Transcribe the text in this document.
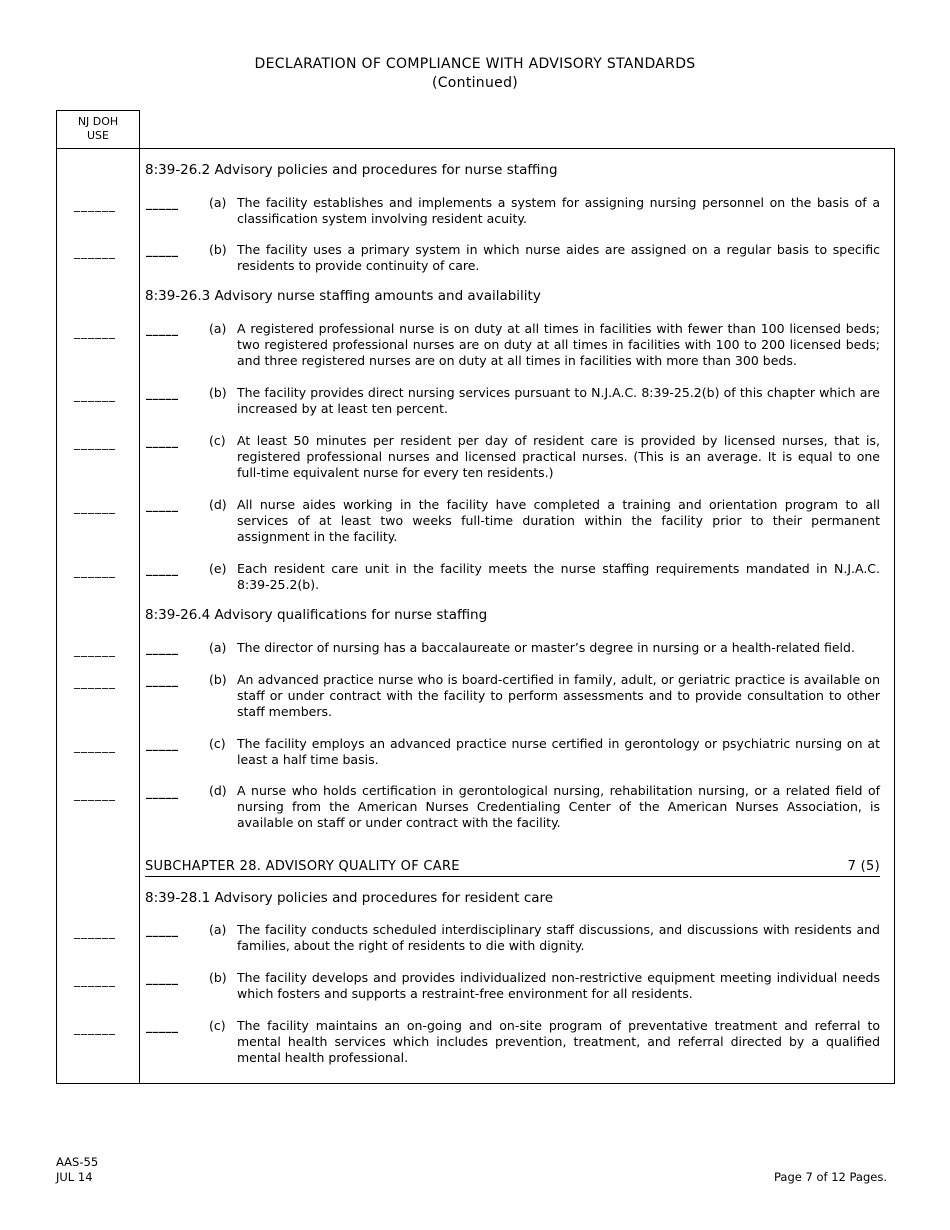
DECLARATION OF COMPLIANCE WITH ADVISORY STANDARDS
(Continued)
NJ DOH
USE
8:39-26.2 Advisory policies and procedures for nurse staffing
______	_____ (a) The facility establishes and implements a system for assigning nursing personnel on the basis of a classification system involving resident acuity.
______	_____ (b) The facility uses a primary system in which nurse aides are assigned on a regular basis to specific residents to provide continuity of care.
8:39-26.3 Advisory nurse staffing amounts and availability
______	_____ (a) A registered professional nurse is on duty at all times in facilities with fewer than 100 licensed beds; two registered professional nurses are on duty at all times in facilities with 100 to 200 licensed beds; and three registered nurses are on duty at all times in facilities with more than 300 beds.
______	_____ (b) The facility provides direct nursing services pursuant to N.J.A.C. 8:39-25.2(b) of this chapter which are increased by at least ten percent.
______	_____ (c) At least 50 minutes per resident per day of resident care is provided by licensed nurses, that is, registered professional nurses and licensed practical nurses. (This is an average. It is equal to one full-time equivalent nurse for every ten residents.)
______	_____ (d) All nurse aides working in the facility have completed a training and orientation program to all services of at least two weeks full-time duration within the facility prior to their permanent assignment in the facility.
______	_____ (e) Each resident care unit in the facility meets the nurse staffing requirements mandated in N.J.A.C. 8:39-25.2(b).
8:39-26.4 Advisory qualifications for nurse staffing
______	_____ (a) The director of nursing has a baccalaureate or master’s degree in nursing or a health-related field.
______	_____ (b) An advanced practice nurse who is board-certified in family, adult, or geriatric practice is available on staff or under contract with the facility to perform assessments and to provide consultation to other staff members.
______	_____ (c) The facility employs an advanced practice nurse certified in gerontology or psychiatric nursing on at least a half time basis.
______	_____ (d) A nurse who holds certification in gerontological nursing, rehabilitation nursing, or a related field of nursing from the American Nurses Credentialing Center of the American Nurses Association, is available on staff or under contract with the facility.
SUBCHAPTER 28. ADVISORY QUALITY OF CARE	7 (5)
8:39-28.1 Advisory policies and procedures for resident care
______	_____ (a) The facility conducts scheduled interdisciplinary staff discussions, and discussions with residents and families, about the right of residents to die with dignity.
______	_____ (b) The facility develops and provides individualized non-restrictive equipment meeting individual needs which fosters and supports a restraint-free environment for all residents.
______	_____ (c) The facility maintains an on-going and on-site program of preventative treatment and referral to mental health services which includes prevention, treatment, and referral directed by a qualified mental health professional.
AAS-55
JUL 14	Page 7 of 12 Pages.
